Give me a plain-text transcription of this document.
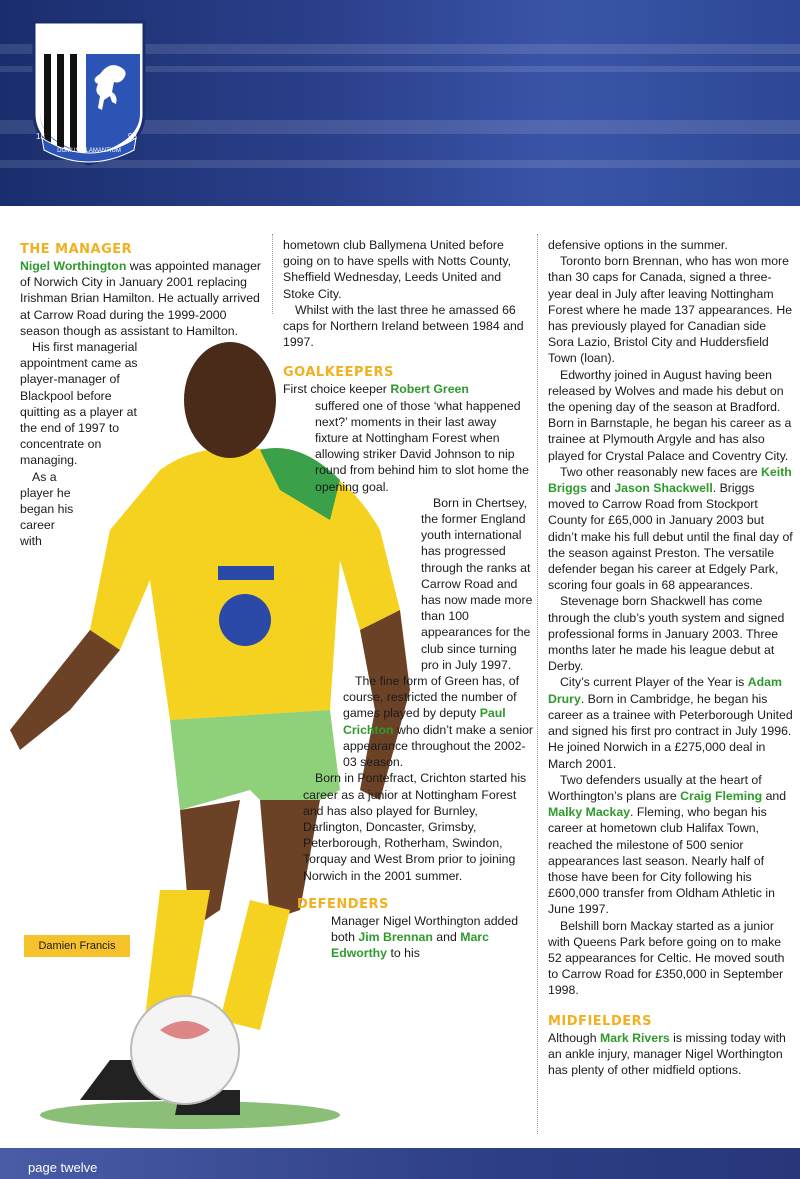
GILLINGHAM
FOOTBALL CLUB
18	93
DOMUS CLAMANTIUM

THE MANAGER

Nigel Worthington was appointed manager of Norwich City in January 2001 replacing Irishman Brian Hamilton. He actually arrived at Carrow Road during the 1999-2000 season though as assistant to Hamilton.

His first managerial appointment came as player-manager of Blackpool before quitting as a player at the end of 1997 to concentrate on managing.

As a player he began his career with

hometown club Ballymena United before going on to have spells with Notts County, Sheffield Wednesday, Leeds United and Stoke City.

Whilst with the last three he amassed 66 caps for Northern Ireland between 1984 and 1997.

GOALKEEPERS

First choice keeper Robert Green
suffered one of those ‘what happened next?’ moments in their last away fixture at Nottingham Forest when allowing striker David Johnson to nip round from behind him to slot home the opening goal.

Born in Chertsey, the former England youth international has progressed through the ranks at Carrow Road and has now made more than 100 appearances for the club since turning pro in July 1997.

The fine form of Green has, of course, restricted the number of games played by deputy Paul Crichton who didn’t make a senior appearance throughout the 2002-03 season.

Born in Pontefract, Crichton started his career as a junior at Nottingham Forest and has also played for Burnley, Darlington, Doncaster, Grimsby, Peterborough, Rotherham, Swindon, Torquay and West Brom prior to joining Norwich in the 2001 summer.

DEFENDERS

Manager Nigel Worthington added both Jim Brennan and Marc Edworthy to his

defensive options in the summer.

Toronto born Brennan, who has won more than 30 caps for Canada, signed a three-year deal in July after leaving Nottingham Forest where he made 137 appearances. He has previously played for Canadian side Sora Lazio, Bristol City and Huddersfield Town (loan).

Edworthy joined in August having been released by Wolves and made his debut on the opening day of the season at Bradford. Born in Barnstaple, he began his career as a trainee at Plymouth Argyle and has also played for Crystal Palace and Coventry City.

Two other reasonably new faces are Keith Briggs and Jason Shackwell. Briggs moved to Carrow Road from Stockport County for £65,000 in January 2003 but didn’t make his full debut until the final day of the season against Preston. The versatile defender began his career at Edgely Park, scoring four goals in 68 appearances.

Stevenage born Shackwell has come through the club’s youth system and signed professional forms in January 2003. Three months later he made his league debut at Derby.

City’s current Player of the Year is Adam Drury. Born in Cambridge, he began his career as a trainee with Peterborough United and signed his first pro contract in July 1996. He joined Norwich in a £275,000 deal in March 2001.

Two defenders usually at the heart of Worthington’s plans are Craig Fleming and Malky Mackay. Fleming, who began his career at hometown club Halifax Town, reached the milestone of 500 senior appearances last season. Nearly half of those have been for City following his £600,000 transfer from Oldham Athletic in June 1997.

Belshill born Mackay started as a junior with Queens Park before going on to make 52 appearances for Celtic. He moved south to Carrow Road for £350,000 in September 1998.

MIDFIELDERS

Although Mark Rivers is missing today with an ankle injury, manager Nigel Worthington has plenty of other midfield options.

Damien Francis
page twelve
